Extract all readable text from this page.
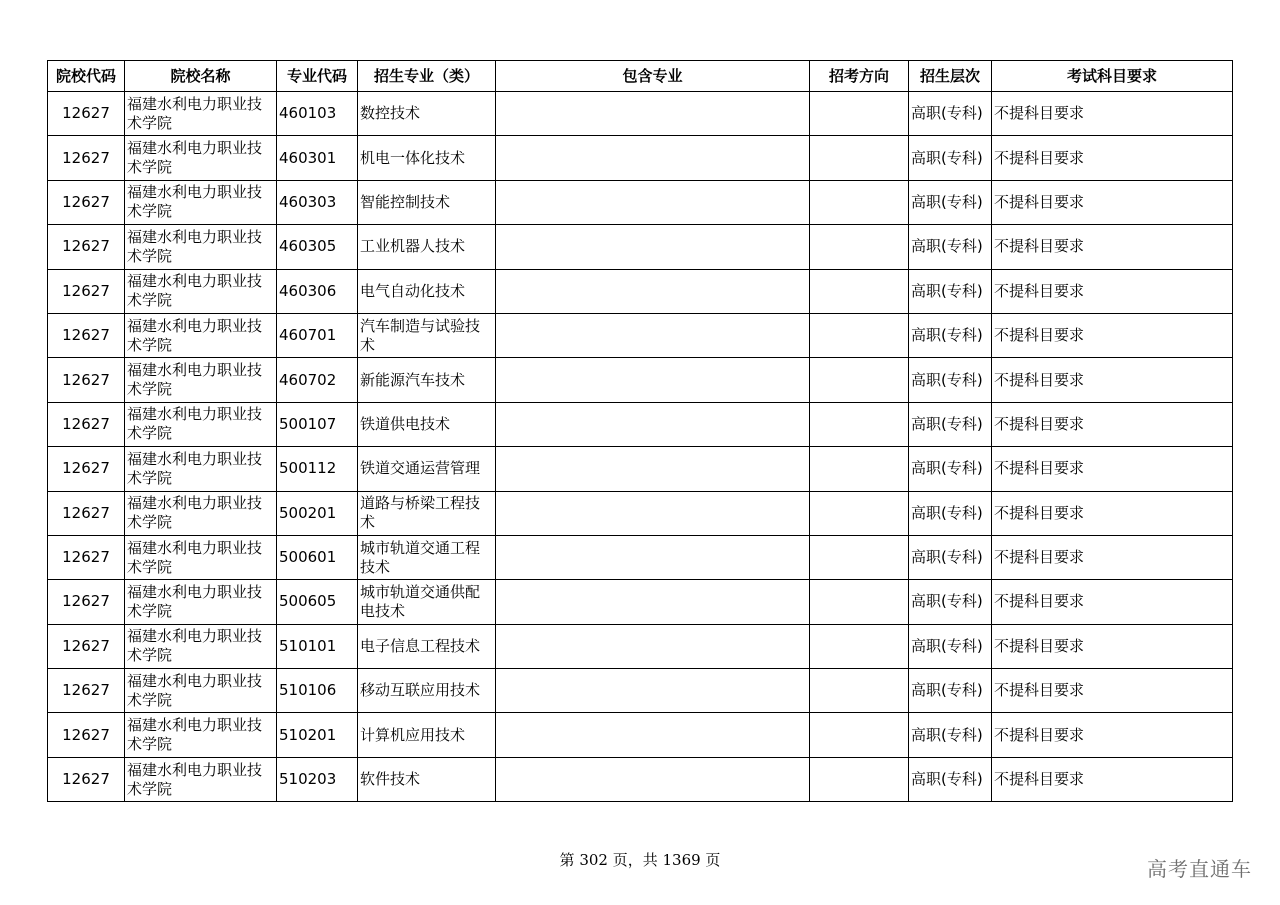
院校代码	院校名称	专业代码	招生专业（类）	包含专业	招考方向	招生层次	考试科目要求
12627	福建水利电力职业技术学院	460103	数控技术			高职(专科)	不提科目要求
12627	福建水利电力职业技术学院	460301	机电一体化技术			高职(专科)	不提科目要求
12627	福建水利电力职业技术学院	460303	智能控制技术			高职(专科)	不提科目要求
12627	福建水利电力职业技术学院	460305	工业机器人技术			高职(专科)	不提科目要求
12627	福建水利电力职业技术学院	460306	电气自动化技术			高职(专科)	不提科目要求
12627	福建水利电力职业技术学院	460701	汽车制造与试验技术			高职(专科)	不提科目要求
12627	福建水利电力职业技术学院	460702	新能源汽车技术			高职(专科)	不提科目要求
12627	福建水利电力职业技术学院	500107	铁道供电技术			高职(专科)	不提科目要求
12627	福建水利电力职业技术学院	500112	铁道交通运营管理			高职(专科)	不提科目要求
12627	福建水利电力职业技术学院	500201	道路与桥梁工程技术			高职(专科)	不提科目要求
12627	福建水利电力职业技术学院	500601	城市轨道交通工程技术			高职(专科)	不提科目要求
12627	福建水利电力职业技术学院	500605	城市轨道交通供配电技术			高职(专科)	不提科目要求
12627	福建水利电力职业技术学院	510101	电子信息工程技术			高职(专科)	不提科目要求
12627	福建水利电力职业技术学院	510106	移动互联应用技术			高职(专科)	不提科目要求
12627	福建水利电力职业技术学院	510201	计算机应用技术			高职(专科)	不提科目要求
12627	福建水利电力职业技术学院	510203	软件技术			高职(专科)	不提科目要求
第 302 页，共 1369 页	高考直通车
